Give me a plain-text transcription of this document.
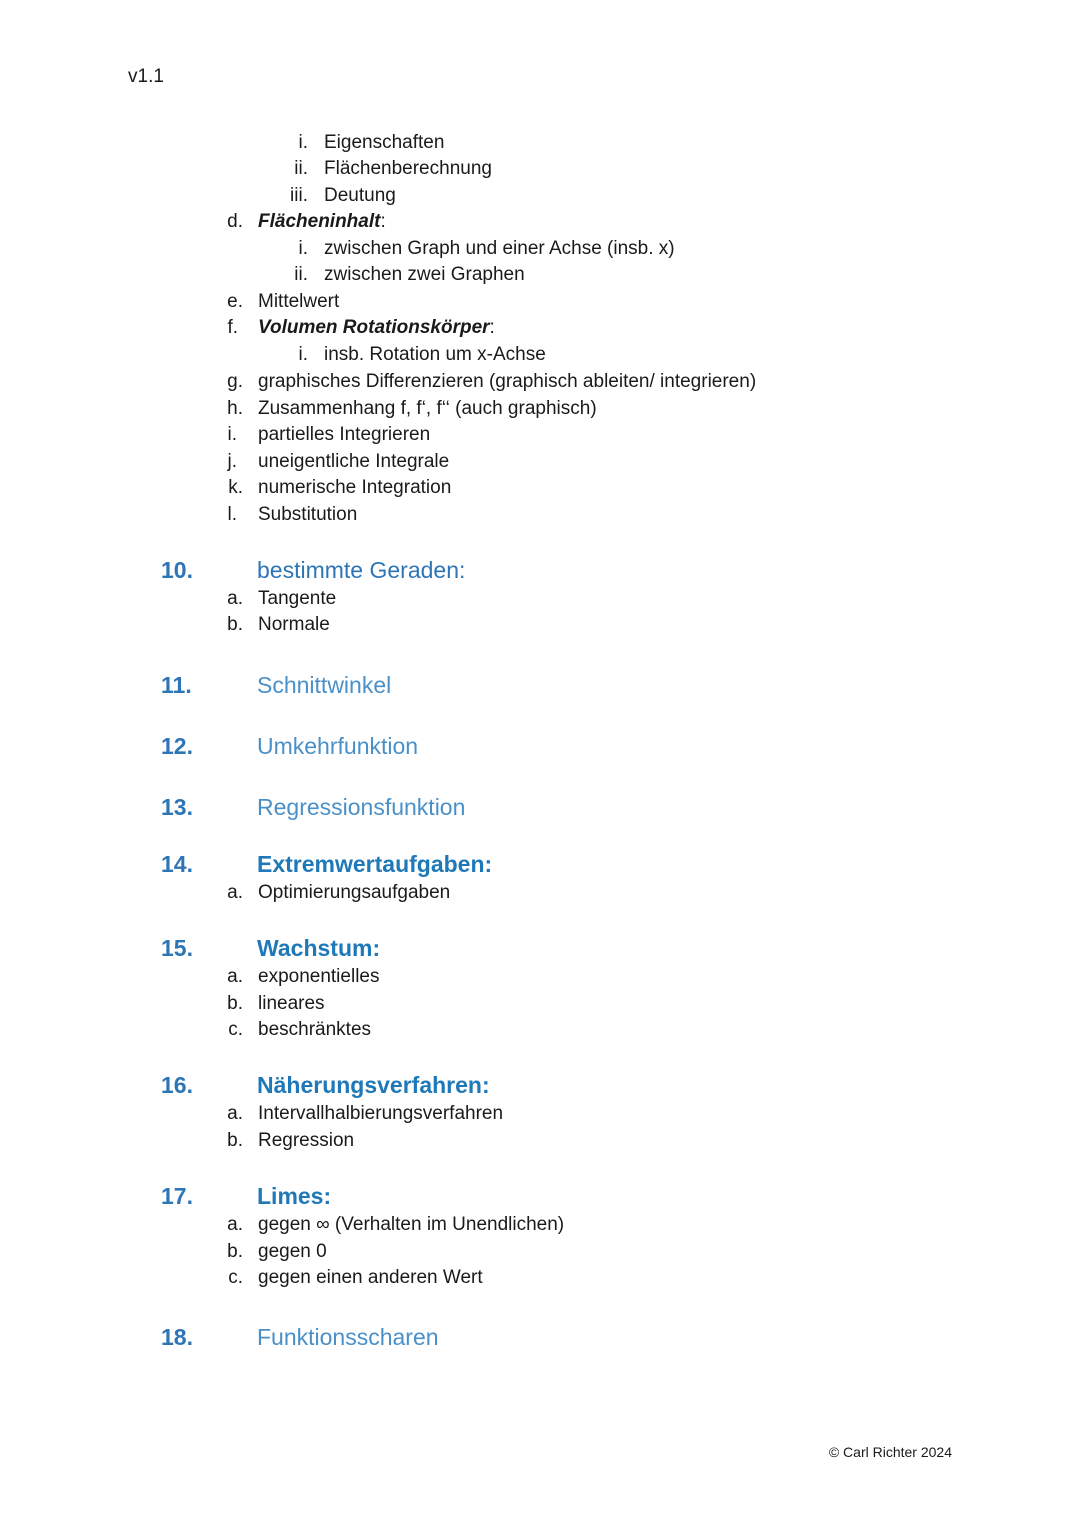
v1.1
i. Eigenschaften
ii. Flächenberechnung
iii. Deutung
d. Flächeninhalt:
i. zwischen Graph und einer Achse (insb. x)
ii. zwischen zwei Graphen
e. Mittelwert
f. Volumen Rotationskörper:
i. insb. Rotation um x-Achse
g. graphisches Differenzieren (graphisch ableiten/ integrieren)
h. Zusammenhang f, f‘, f‘‘ (auch graphisch)
i. partielles Integrieren
j. uneigentliche Integrale
k. numerische Integration
l. Substitution
10.	bestimmte Geraden:
a. Tangente
b. Normale
11.	Schnittwinkel
12.	Umkehrfunktion
13.	Regressionsfunktion
14.	Extremwertaufgaben:
a. Optimierungsaufgaben
15.	Wachstum:
a. exponentielles
b. lineares
c. beschränktes
16.	Näherungsverfahren:
a. Intervallhalbierungsverfahren
b. Regression
17.	Limes:
a. gegen ∞ (Verhalten im Unendlichen)
b. gegen 0
c. gegen einen anderen Wert
18.	Funktionsscharen
© Carl Richter 2024
